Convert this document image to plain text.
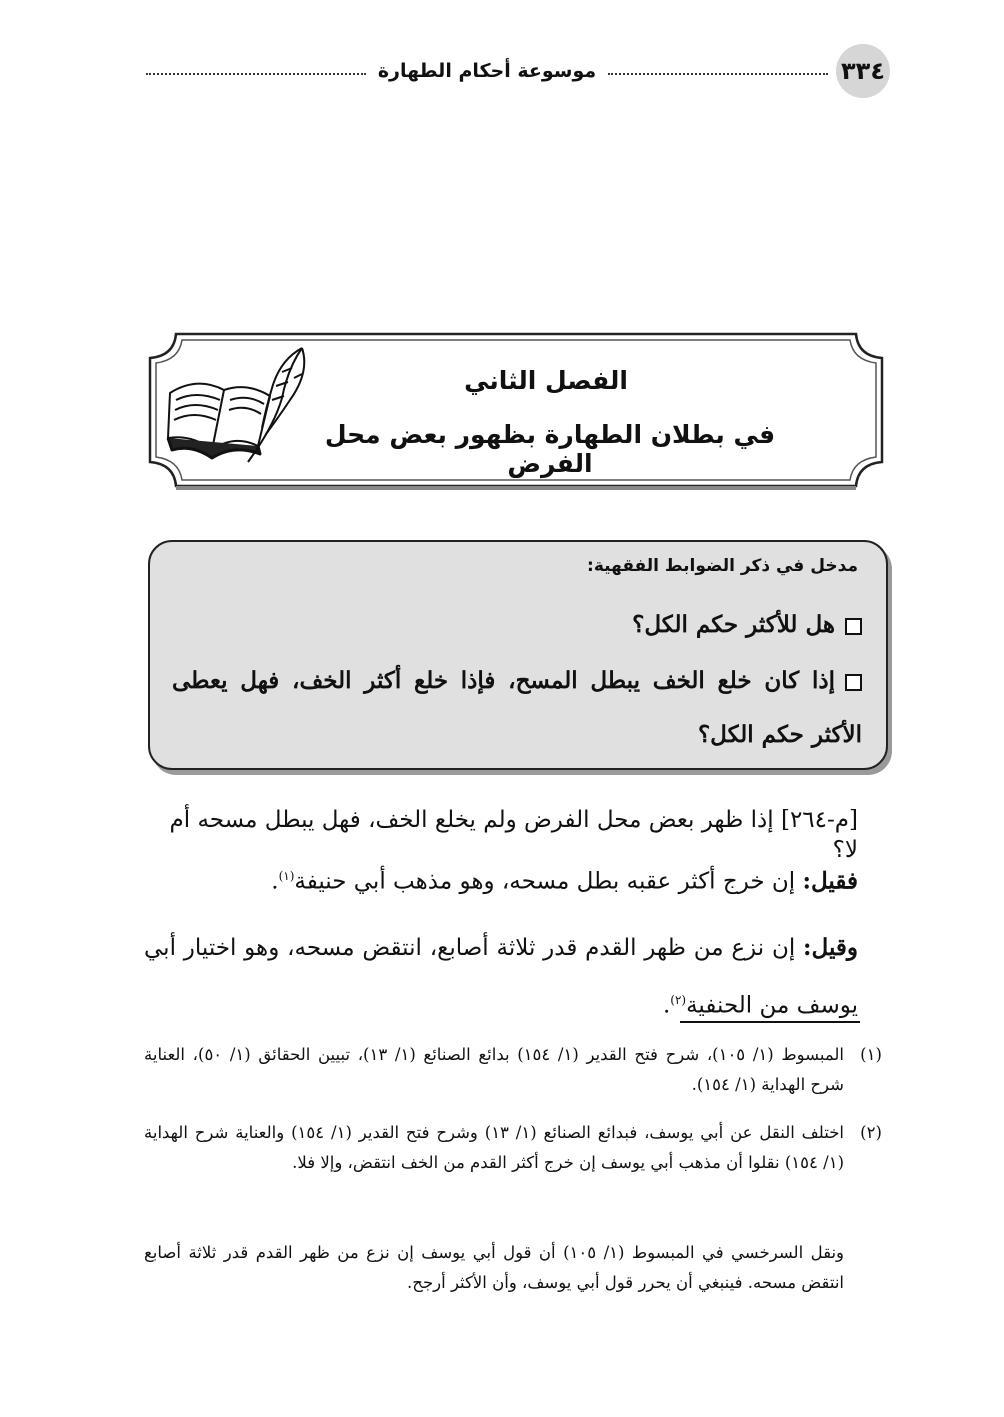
٣٣٤
موسوعة أحكام الطهارة
الفصل الثاني
في بطلان الطهارة بظهور بعض محل الفرض
مدخل في ذكر الضوابط الفقهية:
هل للأكثر حكم الكل؟
إذا كان خلع الخف يبطل المسح، فإذا خلع أكثر الخف، فهل يعطى الأكثر حكم الكل؟
[م-٢٦٤] إذا ظهر بعض محل الفرض ولم يخلع الخف، فهل يبطل مسحه أم لا؟
فقيل: إن خرج أكثر عقبه بطل مسحه، وهو مذهب أبي حنيفة$^{(١)}$.
وقيل: إن نزع من ظهر القدم قدر ثلاثة أصابع، انتقض مسحه، وهو اختيار أبي يوسف من الحنفية$^{(٢)}$.
(١)
المبسوط (١/ ١٠٥)، شرح فتح القدير (١/ ١٥٤) بدائع الصنائع (١/ ١٣)، تبيين الحقائق (١/ ٥٠)، العناية شرح الهداية (١/ ١٥٤).
(٢)
اختلف النقل عن أبي يوسف، فبدائع الصنائع (١/ ١٣) وشرح فتح القدير (١/ ١٥٤) والعناية شرح الهداية (١/ ١٥٤) نقلوا أن مذهب أبي يوسف إن خرج أكثر القدم من الخف انتقض، وإلا فلا.
ونقل السرخسي في المبسوط (١/ ١٠٥) أن قول أبي يوسف إن نزع من ظهر القدم قدر ثلاثة أصابع انتقض مسحه. فينبغي أن يحرر قول أبي يوسف، وأن الأكثر أرجح.
